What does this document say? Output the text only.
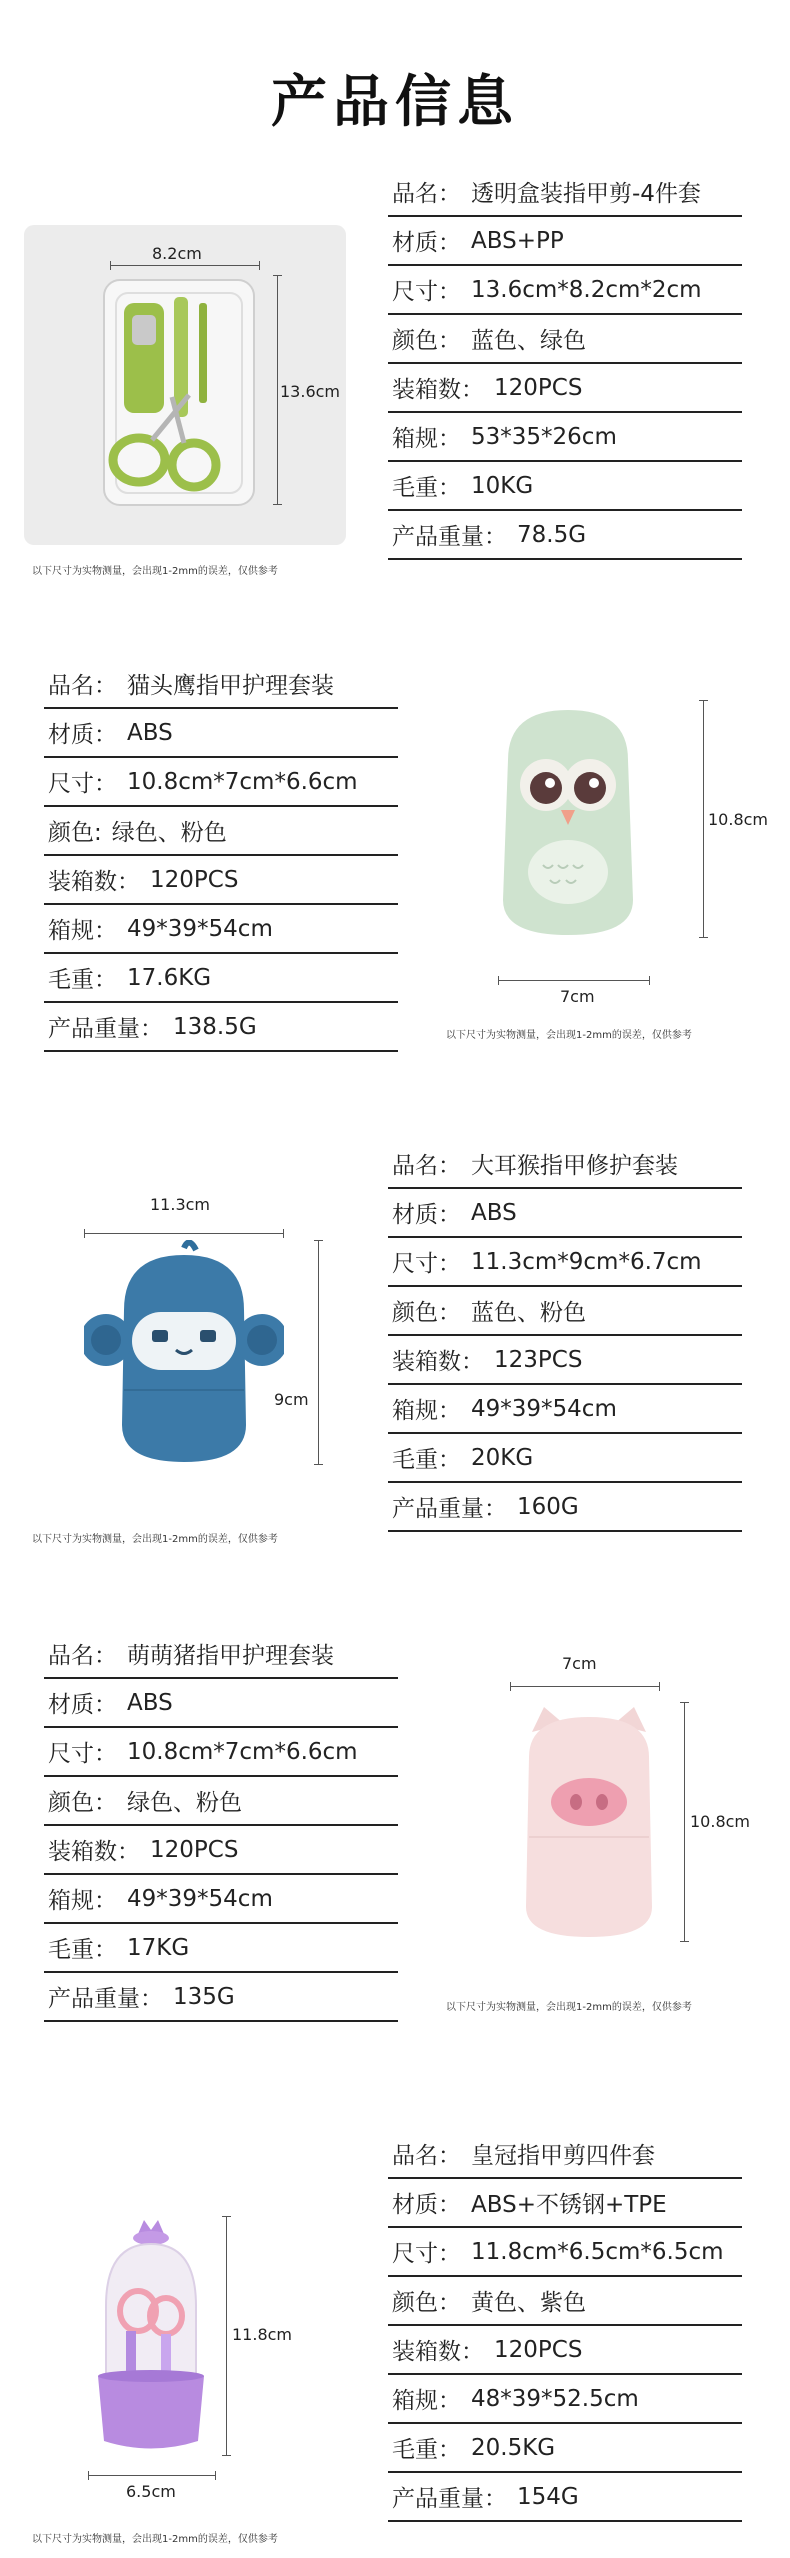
产品信息
8.2cm
13.6cm
以下尺寸为实物测量，会出现1-2mm的误差，仅供参考
品名： 透明盒装指甲剪-4件套
材质： ABS+PP
尺寸： 13.6cm*8.2cm*2cm
颜色： 蓝色、绿色
装箱数： 120PCS
箱规： 53*35*26cm
毛重： 10KG
产品重量： 78.5G
品名： 猫头鹰指甲护理套装
材质： ABS
尺寸： 10.8cm*7cm*6.6cm
颜色: 绿色、粉色
装箱数： 120PCS
箱规： 49*39*54cm
毛重： 17.6KG
产品重量： 138.5G
10.8cm
7cm
以下尺寸为实物测量，会出现1-2mm的误差，仅供参考
11.3cm
9cm
以下尺寸为实物测量，会出现1-2mm的误差，仅供参考
品名： 大耳猴指甲修护套装
材质： ABS
尺寸： 11.3cm*9cm*6.7cm
颜色： 蓝色、粉色
装箱数： 123PCS
箱规： 49*39*54cm
毛重： 20KG
产品重量： 160G
品名： 萌萌猪指甲护理套装
材质： ABS
尺寸： 10.8cm*7cm*6.6cm
颜色： 绿色、粉色
装箱数： 120PCS
箱规： 49*39*54cm
毛重： 17KG
产品重量： 135G
7cm
10.8cm
以下尺寸为实物测量，会出现1-2mm的误差，仅供参考
11.8cm
6.5cm
以下尺寸为实物测量，会出现1-2mm的误差，仅供参考
品名： 皇冠指甲剪四件套
材质： ABS+不锈钢+TPE
尺寸： 11.8cm*6.5cm*6.5cm
颜色： 黄色、紫色
装箱数： 120PCS
箱规： 48*39*52.5cm
毛重： 20.5KG
产品重量： 154G
